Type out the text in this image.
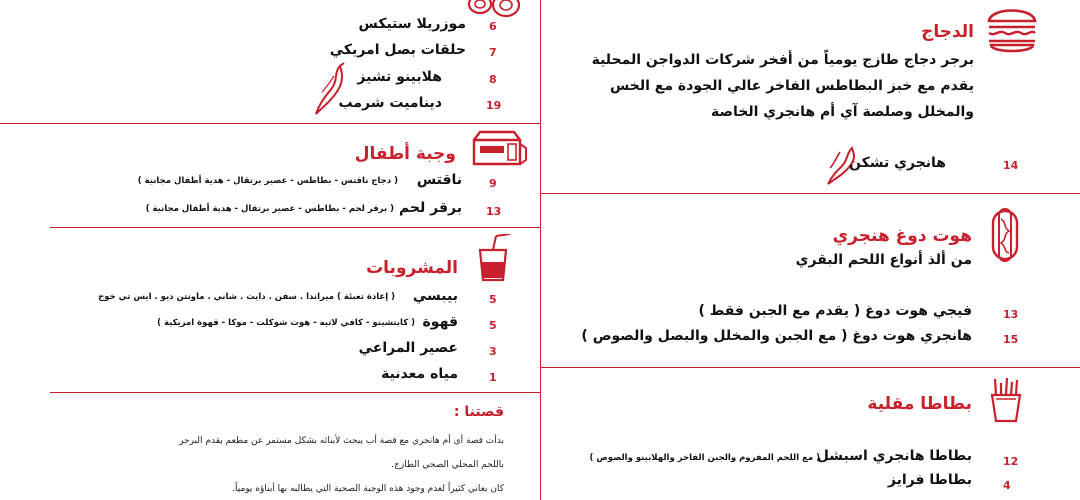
6
موزريلا ستيكس
7
حلقات بصل امريكي
8
هلابينو تشيز
19
ديناميت شرمب
وجبة أطفال
9
ناقتس
( دجاج ناقتس - بطاطس - عصير برتقال - هدية أطفال مجانية )
13
برقر لحم
( برقر لحم - بطاطس - عصير برتقال - هدية أطفال مجانية )
المشروبات
5
بيبسي
( إعادة تعبئة ) ميراندا . سفن . دايت . شاني . ماونتن ديو . ايس تي خوخ
5
قهوة
( كابتشينو - كافي لاتيه - هوت شوكلت - موكا - قهوة امريكية )
3
عصير المراعي
1
مياه معدنية
قصتنا :
بدأت قصة أي أم هانجري مع قصة أب يبحث لأبنائه بشكل مستمر عن مطعم يقدم البرجر
باللحم المحلي الصحي الطازج.
كان يعاني كثيراً لعدم وجود هذه الوجبة الصحية التي يطالبه بها أبناؤه يومياً.
الدجاج
برجر دجاج طازج يومياً من أفخر شركات الدواجن المحلية
يقدم مع خبز البطاطس الفاخر عالي الجودة مع الخس
والمخلل وصلصة آي أم هانجري الخاصة
14
هانجري تشكن
هوت دوغ هنجري
من ألذ أنواع اللحم البقري
13
فيجي هوت دوغ ( يقدم مع الجبن فقط )
15
هانجري هوت دوغ ( مع الجبن والمخلل والبصل والصوص )
بطاطا مقلية
12
بطاطا هانجري اسبشل
( مع اللحم المفروم والجبن الفاخر والهلابينو والصوص )
4
بطاطا فرايز
